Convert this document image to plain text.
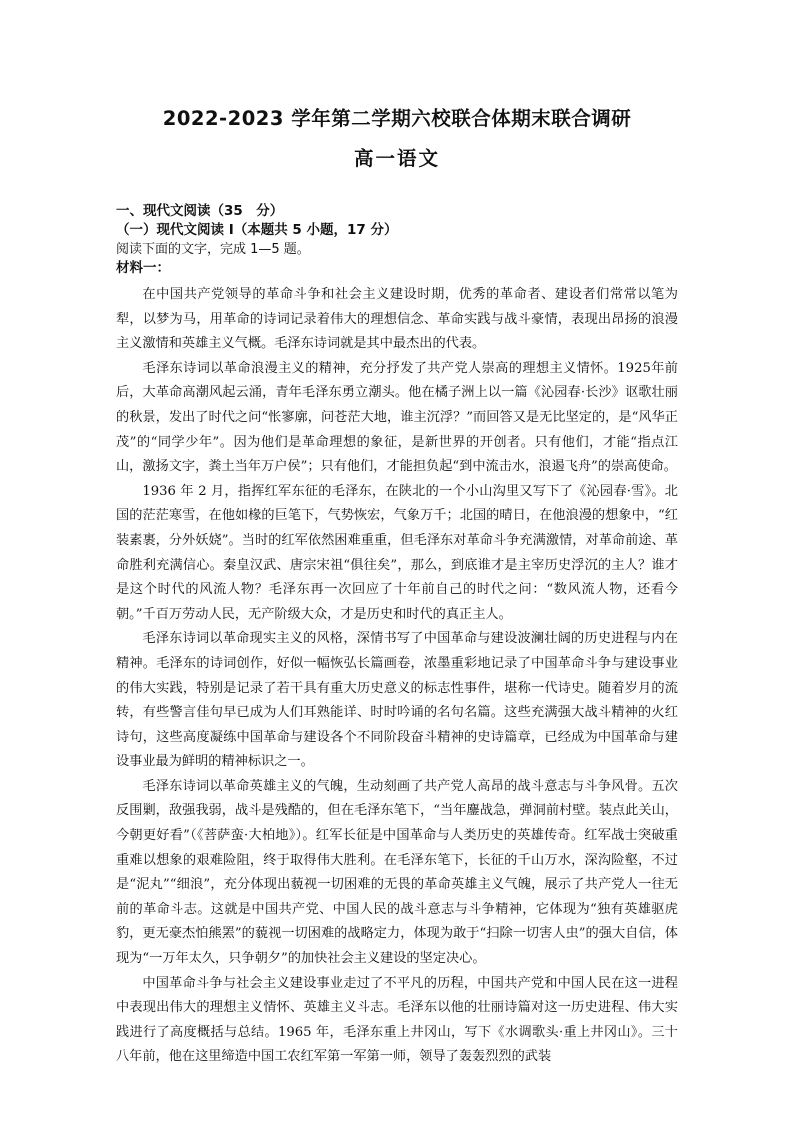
2022-2023 学年第二学期六校联合体期末联合调研
高一语文
一、现代文阅读（35　分）
（一）现代文阅读 I（本题共 5 小题，17 分）
阅读下面的文字，完成 1—5 题。
材料一：

在中国共产党领导的革命斗争和社会主义建设时期，优秀的革命者、建设者们常常以笔为犁，以梦为马，用革命的诗词记录着伟大的理想信念、革命实践与战斗豪情，表现出昂扬的浪漫主义激情和英雄主义气概。毛泽东诗词就是其中最杰出的代表。

毛泽东诗词以革命浪漫主义的精神，充分抒发了共产党人崇高的理想主义情怀。1925年前后，大革命高潮风起云涌，青年毛泽东勇立潮头。他在橘子洲上以一篇《沁园春·长沙》讴歌壮丽的秋景，发出了时代之问“怅寥廓，问苍茫大地，谁主沉浮？”而回答又是无比坚定的，是“风华正茂”的“同学少年”。因为他们是革命理想的象征，是新世界的开创者。只有他们，才能“指点江山，激扬文字，粪土当年万户侯”；只有他们，才能担负起“到中流击水，浪遏飞舟”的崇高使命。

1936 年 2 月，指挥红军东征的毛泽东，在陕北的一个小山沟里又写下了《沁园春·雪》。北国的茫茫寒雪，在他如椽的巨笔下，气势恢宏，气象万千；北国的晴日，在他浪漫的想象中，“红装素裹，分外妖娆”。当时的红军依然困难重重，但毛泽东对革命斗争充满激情，对革命前途、革命胜利充满信心。秦皇汉武、唐宗宋祖“俱往矣”，那么，到底谁才是主宰历史浮沉的主人？谁才是这个时代的风流人物？毛泽东再一次回应了十年前自己的时代之问：“数风流人物，还看今朝。”千百万劳动人民，无产阶级大众，才是历史和时代的真正主人。

毛泽东诗词以革命现实主义的风格，深情书写了中国革命与建设波澜壮阔的历史进程与内在精神。毛泽东的诗词创作，好似一幅恢弘长篇画卷，浓墨重彩地记录了中国革命斗争与建设事业的伟大实践，特别是记录了若干具有重大历史意义的标志性事件，堪称一代诗史。随着岁月的流转，有些警言佳句早已成为人们耳熟能详、时时吟诵的名句名篇。这些充满强大战斗精神的火红诗句，这些高度凝练中国革命与建设各个不同阶段奋斗精神的史诗篇章，已经成为中国革命与建设事业最为鲜明的精神标识之一。

毛泽东诗词以革命英雄主义的气魄，生动刻画了共产党人高昂的战斗意志与斗争风骨。五次反围剿，敌强我弱，战斗是残酷的，但在毛泽东笔下，“当年鏖战急，弹洞前村壁。装点此关山，今朝更好看”（《菩萨蛮·大柏地》）。红军长征是中国革命与人类历史的英雄传奇。红军战士突破重重难以想象的艰难险阻，终于取得伟大胜利。在毛泽东笔下，长征的千山万水，深沟险壑，不过是“泥丸”“细浪”，充分体现出藐视一切困难的无畏的革命英雄主义气魄，展示了共产党人一往无前的革命斗志。这就是中国共产党、中国人民的战斗意志与斗争精神，它体现为“独有英雄驱虎豹，更无豪杰怕熊罴”的藐视一切困难的战略定力，体现为敢于“扫除一切害人虫”的强大自信，体现为“一万年太久，只争朝夕”的加快社会主义建设的坚定决心。

中国革命斗争与社会主义建设事业走过了不平凡的历程，中国共产党和中国人民在这一进程中表现出伟大的理想主义情怀、英雄主义斗志。毛泽东以他的壮丽诗篇对这一历史进程、伟大实践进行了高度概括与总结。1965 年，毛泽东重上井冈山，写下《水调歌头·重上井冈山》。三十八年前，他在这里缔造中国工农红军第一军第一师，领导了轰轰烈烈的武装
